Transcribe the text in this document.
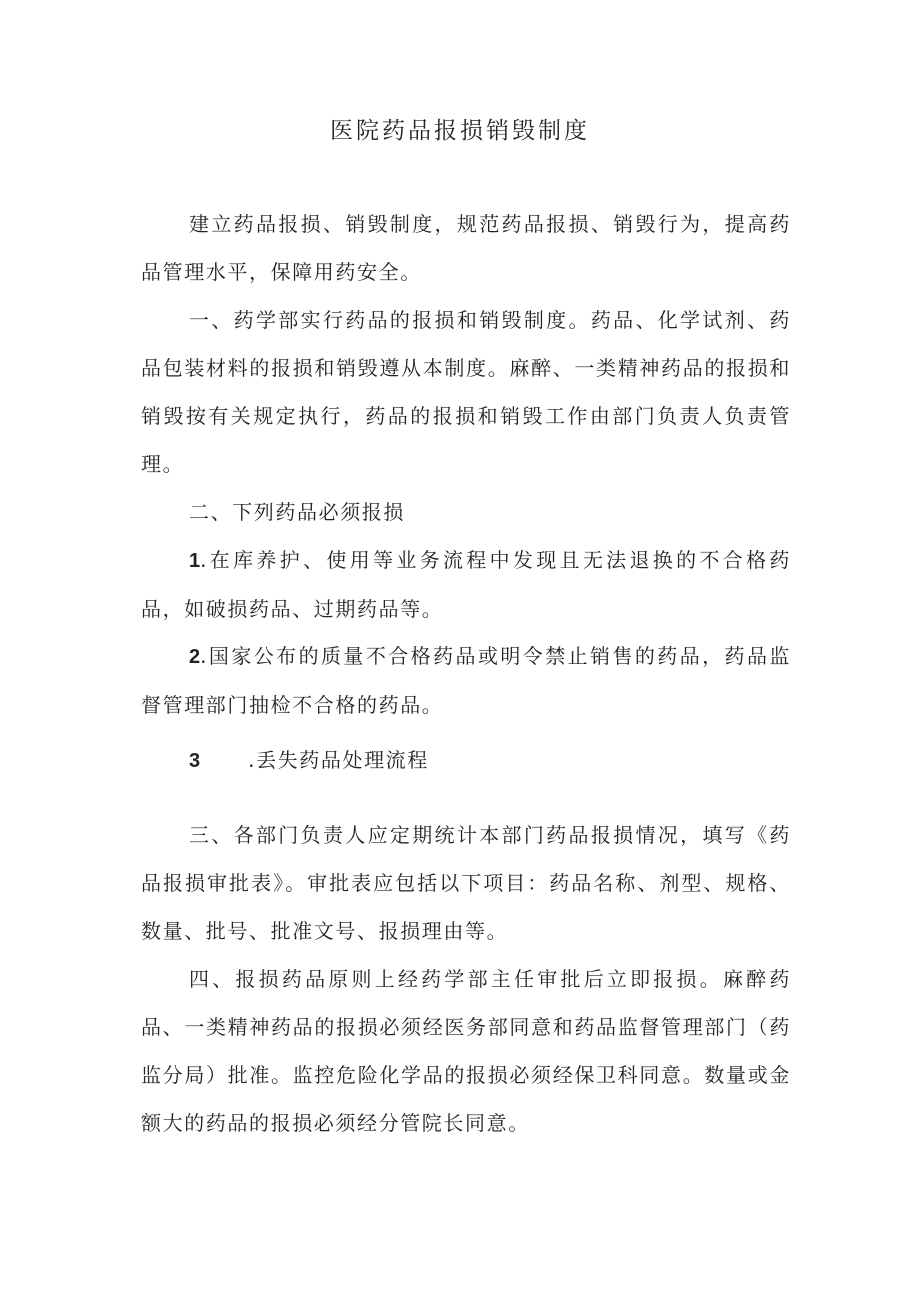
医院药品报损销毁制度

建立药品报损、销毁制度，规范药品报损、销毁行为，提高药品管理水平，保障用药安全。

一、药学部实行药品的报损和销毁制度。药品、化学试剂、药品包装材料的报损和销毁遵从本制度。麻醉、一类精神药品的报损和销毁按有关规定执行，药品的报损和销毁工作由部门负责人负责管理。

二、下列药品必须报损

1.在库养护、使用等业务流程中发现且无法退换的不合格药品，如破损药品、过期药品等。

2.国家公布的质量不合格药品或明令禁止销售的药品，药品监督管理部门抽检不合格的药品。

3 .丢失药品处理流程

三、各部门负责人应定期统计本部门药品报损情况，填写《药品报损审批表》。审批表应包括以下项目：药品名称、剂型、规格、数量、批号、批准文号、报损理由等。

四、报损药品原则上经药学部主任审批后立即报损。麻醉药品、一类精神药品的报损必须经医务部同意和药品监督管理部门（药监分局）批准。监控危险化学品的报损必须经保卫科同意。数量或金额大的药品的报损必须经分管院长同意。
